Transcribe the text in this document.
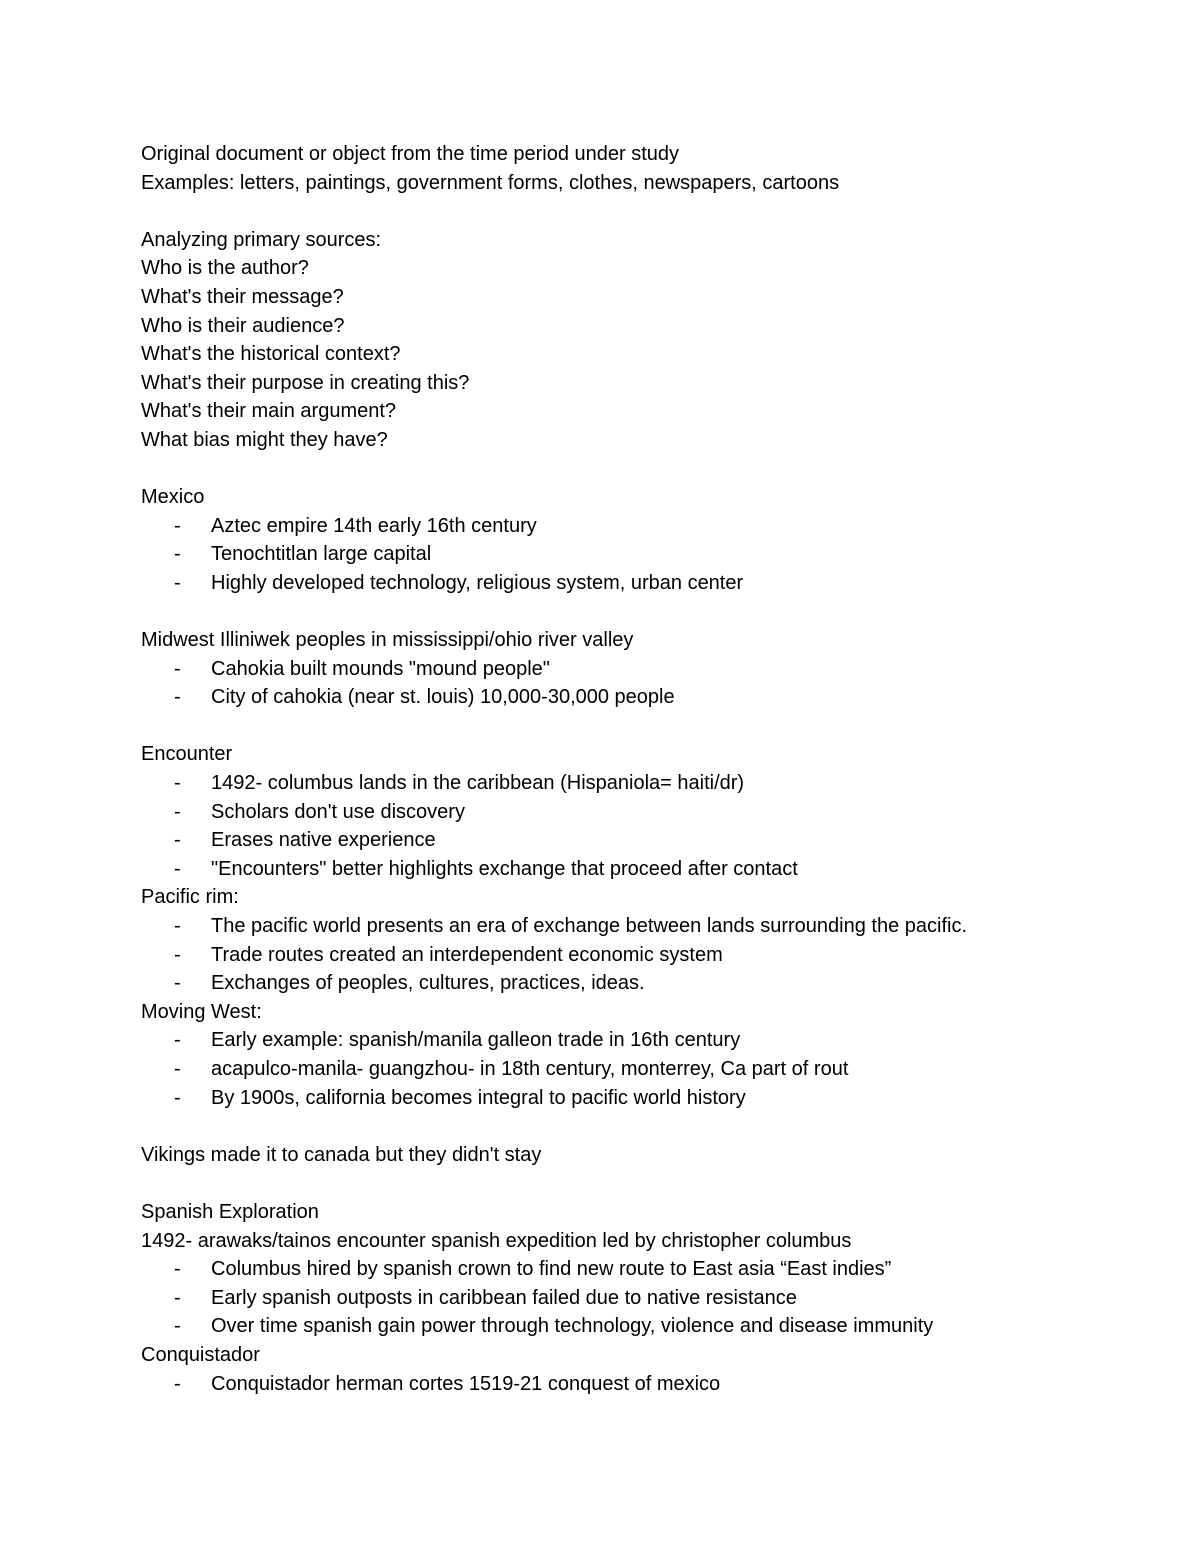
Original document or object from the time period under study
Examples: letters, paintings, government forms, clothes, newspapers, cartoons
Analyzing primary sources:
Who is the author?
What's their message?
Who is their audience?
What's the historical context?
What's their purpose in creating this?
What's their main argument?
What bias might they have?
Mexico
- Aztec empire 14th early 16th century
- Tenochtitlan large capital
- Highly developed technology, religious system, urban center
Midwest Illiniwek peoples in mississippi/ohio river valley
- Cahokia built mounds "mound people"
- City of cahokia (near st. louis) 10,000-30,000 people
Encounter
- 1492- columbus lands in the caribbean (Hispaniola= haiti/dr)
- Scholars don't use discovery
- Erases native experience
- "Encounters" better highlights exchange that proceed after contact
Pacific rim:
- The pacific world presents an era of exchange between lands surrounding the pacific.
- Trade routes created an interdependent economic system
- Exchanges of peoples, cultures, practices, ideas.
Moving West:
- Early example: spanish/manila galleon trade in 16th century
- acapulco-manila- guangzhou- in 18th century, monterrey, Ca part of rout
- By 1900s, california becomes integral to pacific world history
Vikings made it to canada but they didn't stay
Spanish Exploration
1492- arawaks/tainos encounter spanish expedition led by christopher columbus
- Columbus hired by spanish crown to find new route to East asia “East indies”
- Early spanish outposts in caribbean failed due to native resistance
- Over time spanish gain power through technology, violence and disease immunity
Conquistador
- Conquistador herman cortes 1519-21 conquest of mexico
